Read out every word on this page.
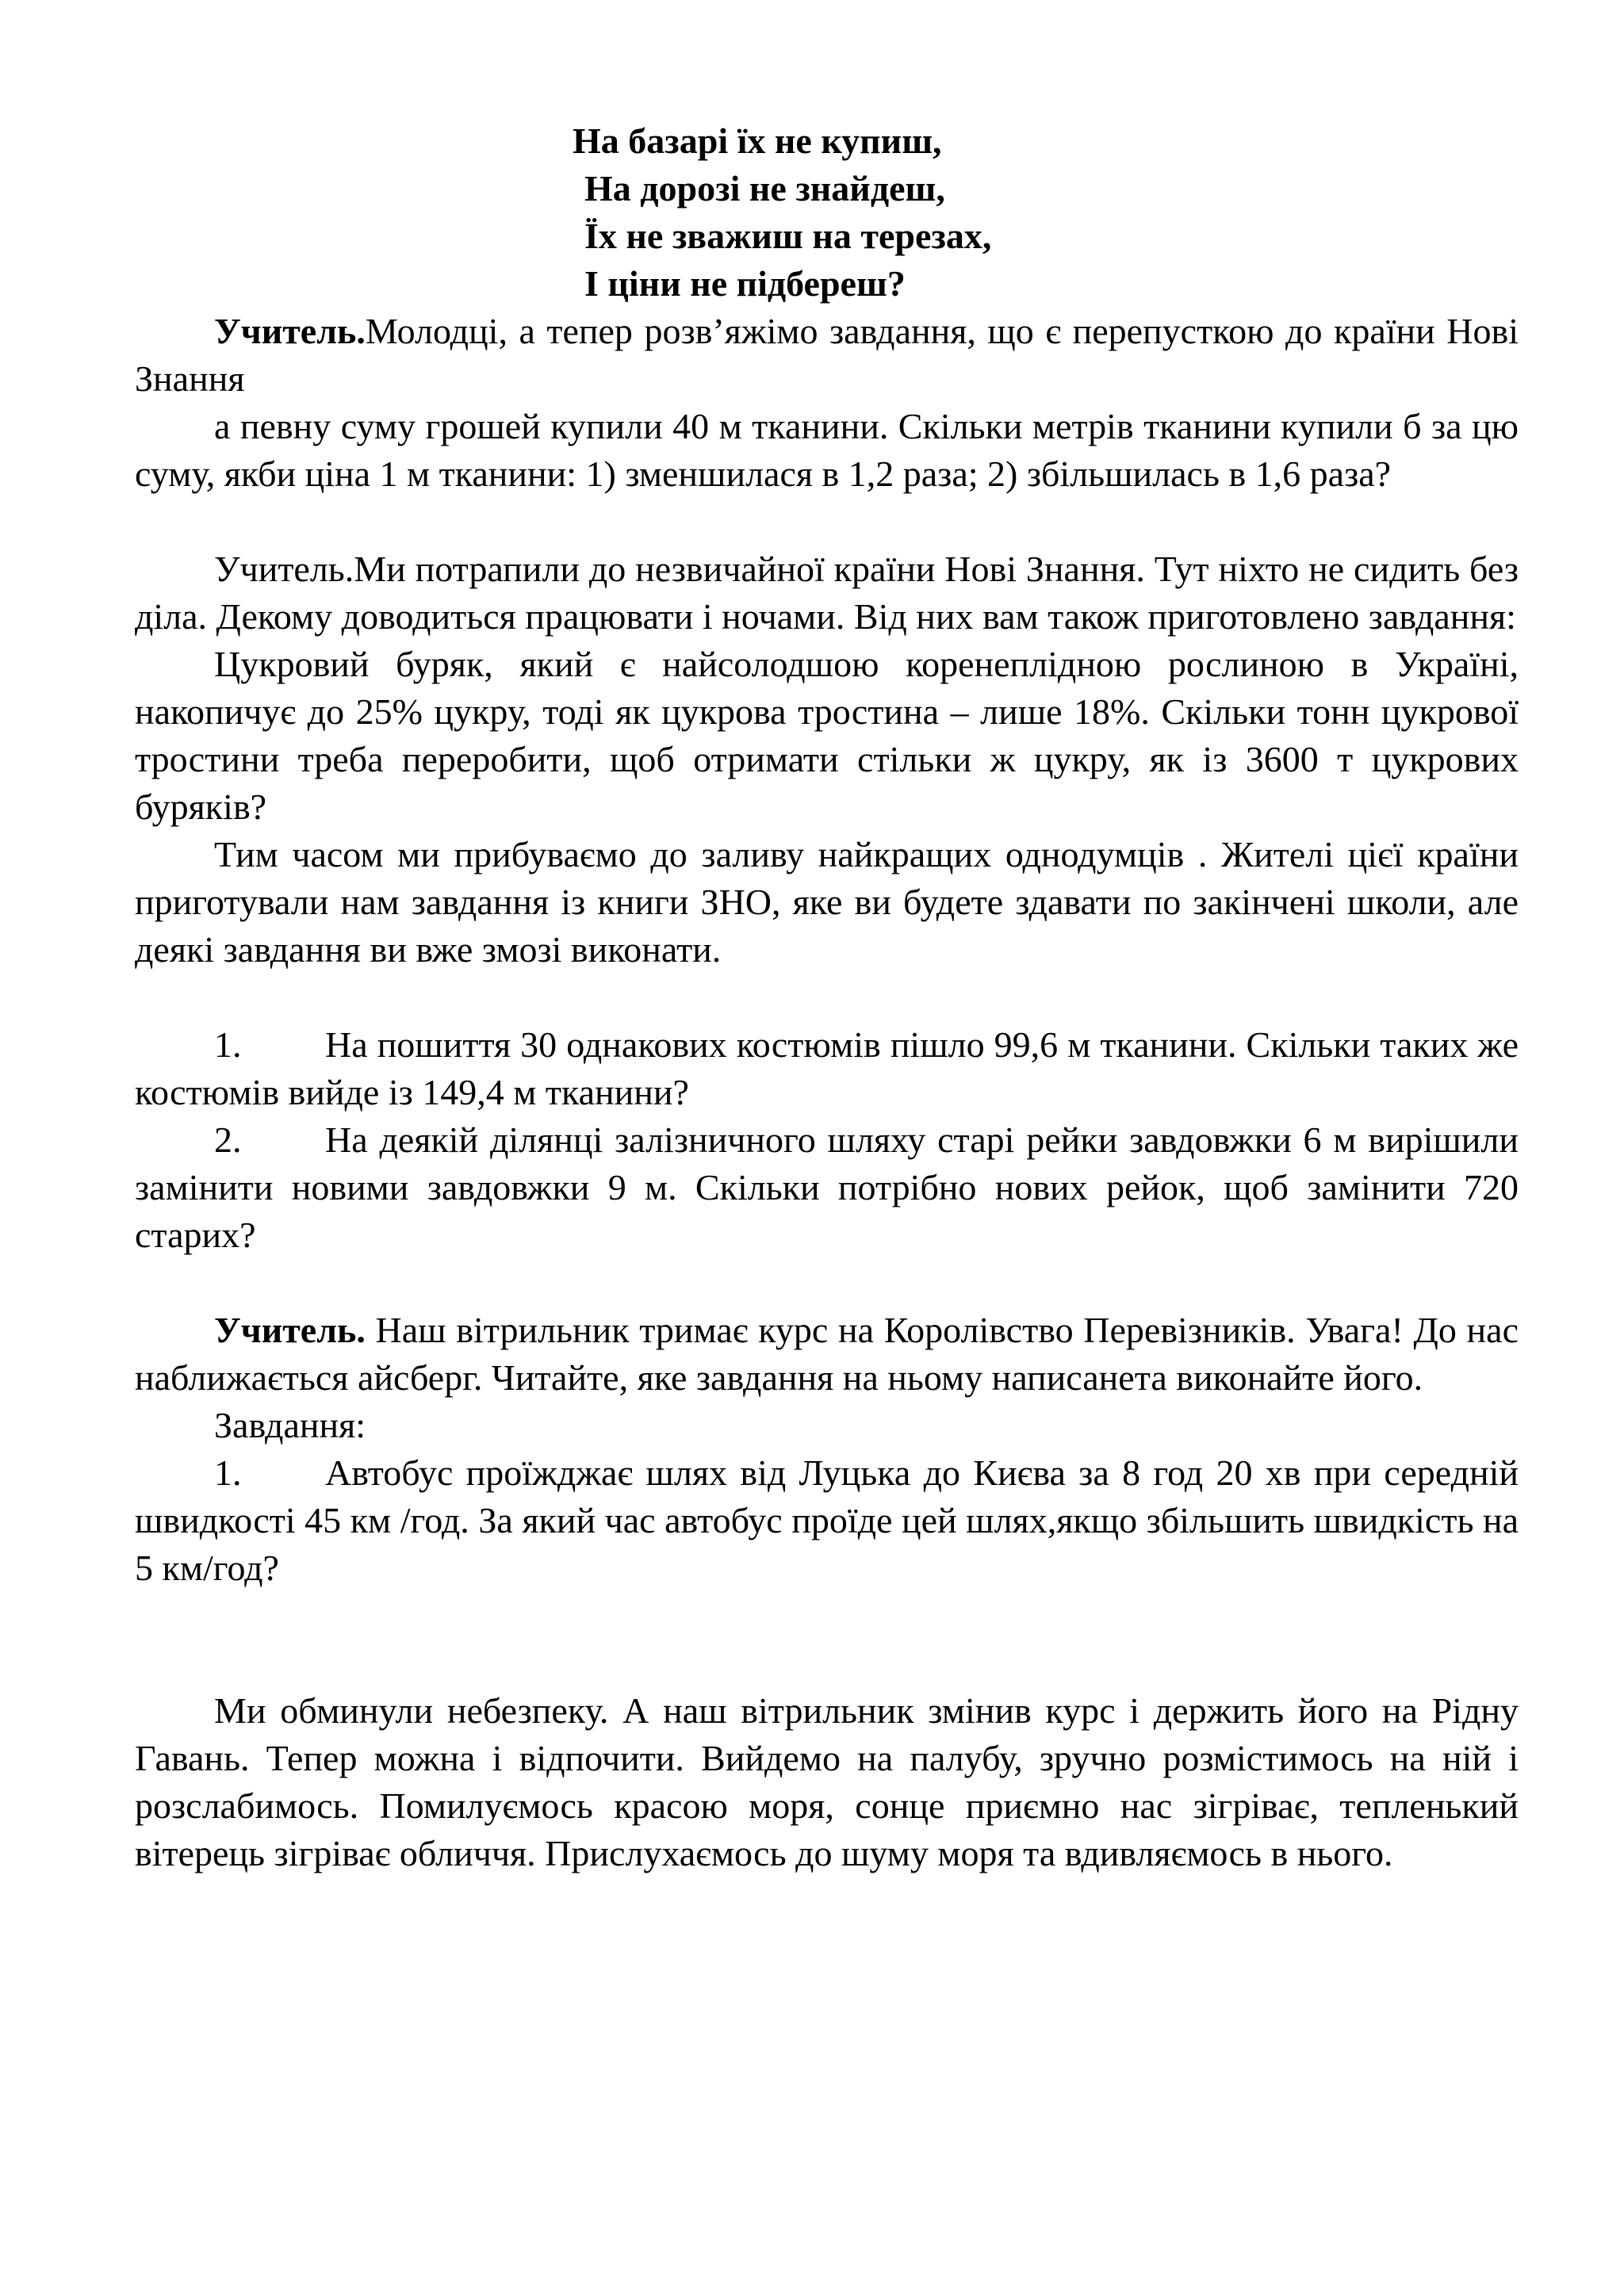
На базарі їх не купиш,
На дорозі не знайдеш,
Їх не зважиш на терезах,
І ціни не підбереш?

Учитель.Молодці, а тепер розв’яжімо завдання, що є перепусткою до країни Нові Знання

а певну суму грошей купили 40 м тканини. Скільки метрів тканини купили б за цю суму, якби ціна 1 м тканини: 1) зменшилася в 1,2 раза; 2) збільшилась в 1,6 раза?

Учитель.Ми потрапили до незвичайної країни Нові Знання. Тут ніхто не сидить без діла. Декому доводиться працювати і ночами. Від них вам також приготовлено завдання:

Цукровий буряк, який є найсолодшою коренеплідною рослиною в Україні, накопичує до 25% цукру, тоді як цукрова тростина – лише 18%. Скільки тонн цукрової тростини треба переробити, щоб отримати стільки ж цукру, як із 3600 т цукрових буряків?

Тим часом ми прибуваємо до заливу найкращих однодумців . Жителі цієї країни приготували нам завдання із книги ЗНО, яке ви будете здавати по закінчені школи, але деякі завдання ви вже змозі виконати.

1. На пошиття 30 однакових костюмів пішло 99,6 м тканини. Скільки таких же костюмів вийде із 149,4 м тканини?

2. На деякій ділянці залізничного шляху старі рейки завдовжки 6 м вирішили замінити новими завдовжки 9 м. Скільки потрібно нових рейок, щоб замінити 720 старих?

Учитель. Наш вітрильник тримає курс на Королівство Перевізників. Увага! До нас наближається айсберг. Читайте, яке завдання на ньому написанета виконайте його.

Завдання:

1. Автобус проїжджає шлях від Луцька до Києва за 8 год 20 хв при середній швидкості 45 км /год. За який час автобус проїде цей шлях,якщо збільшить швидкість на 5 км/год?

Ми обминули небезпеку. А наш вітрильник змінив курс і держить його на Рідну Гавань. Тепер можна і відпочити. Вийдемо на палубу, зручно розмістимось на ній і розслабимось. Помилуємось красою моря, сонце приємно нас зігріває, тепленький вітерець зігріває обличчя. Прислухаємось до шуму моря та вдивляємось в нього.
